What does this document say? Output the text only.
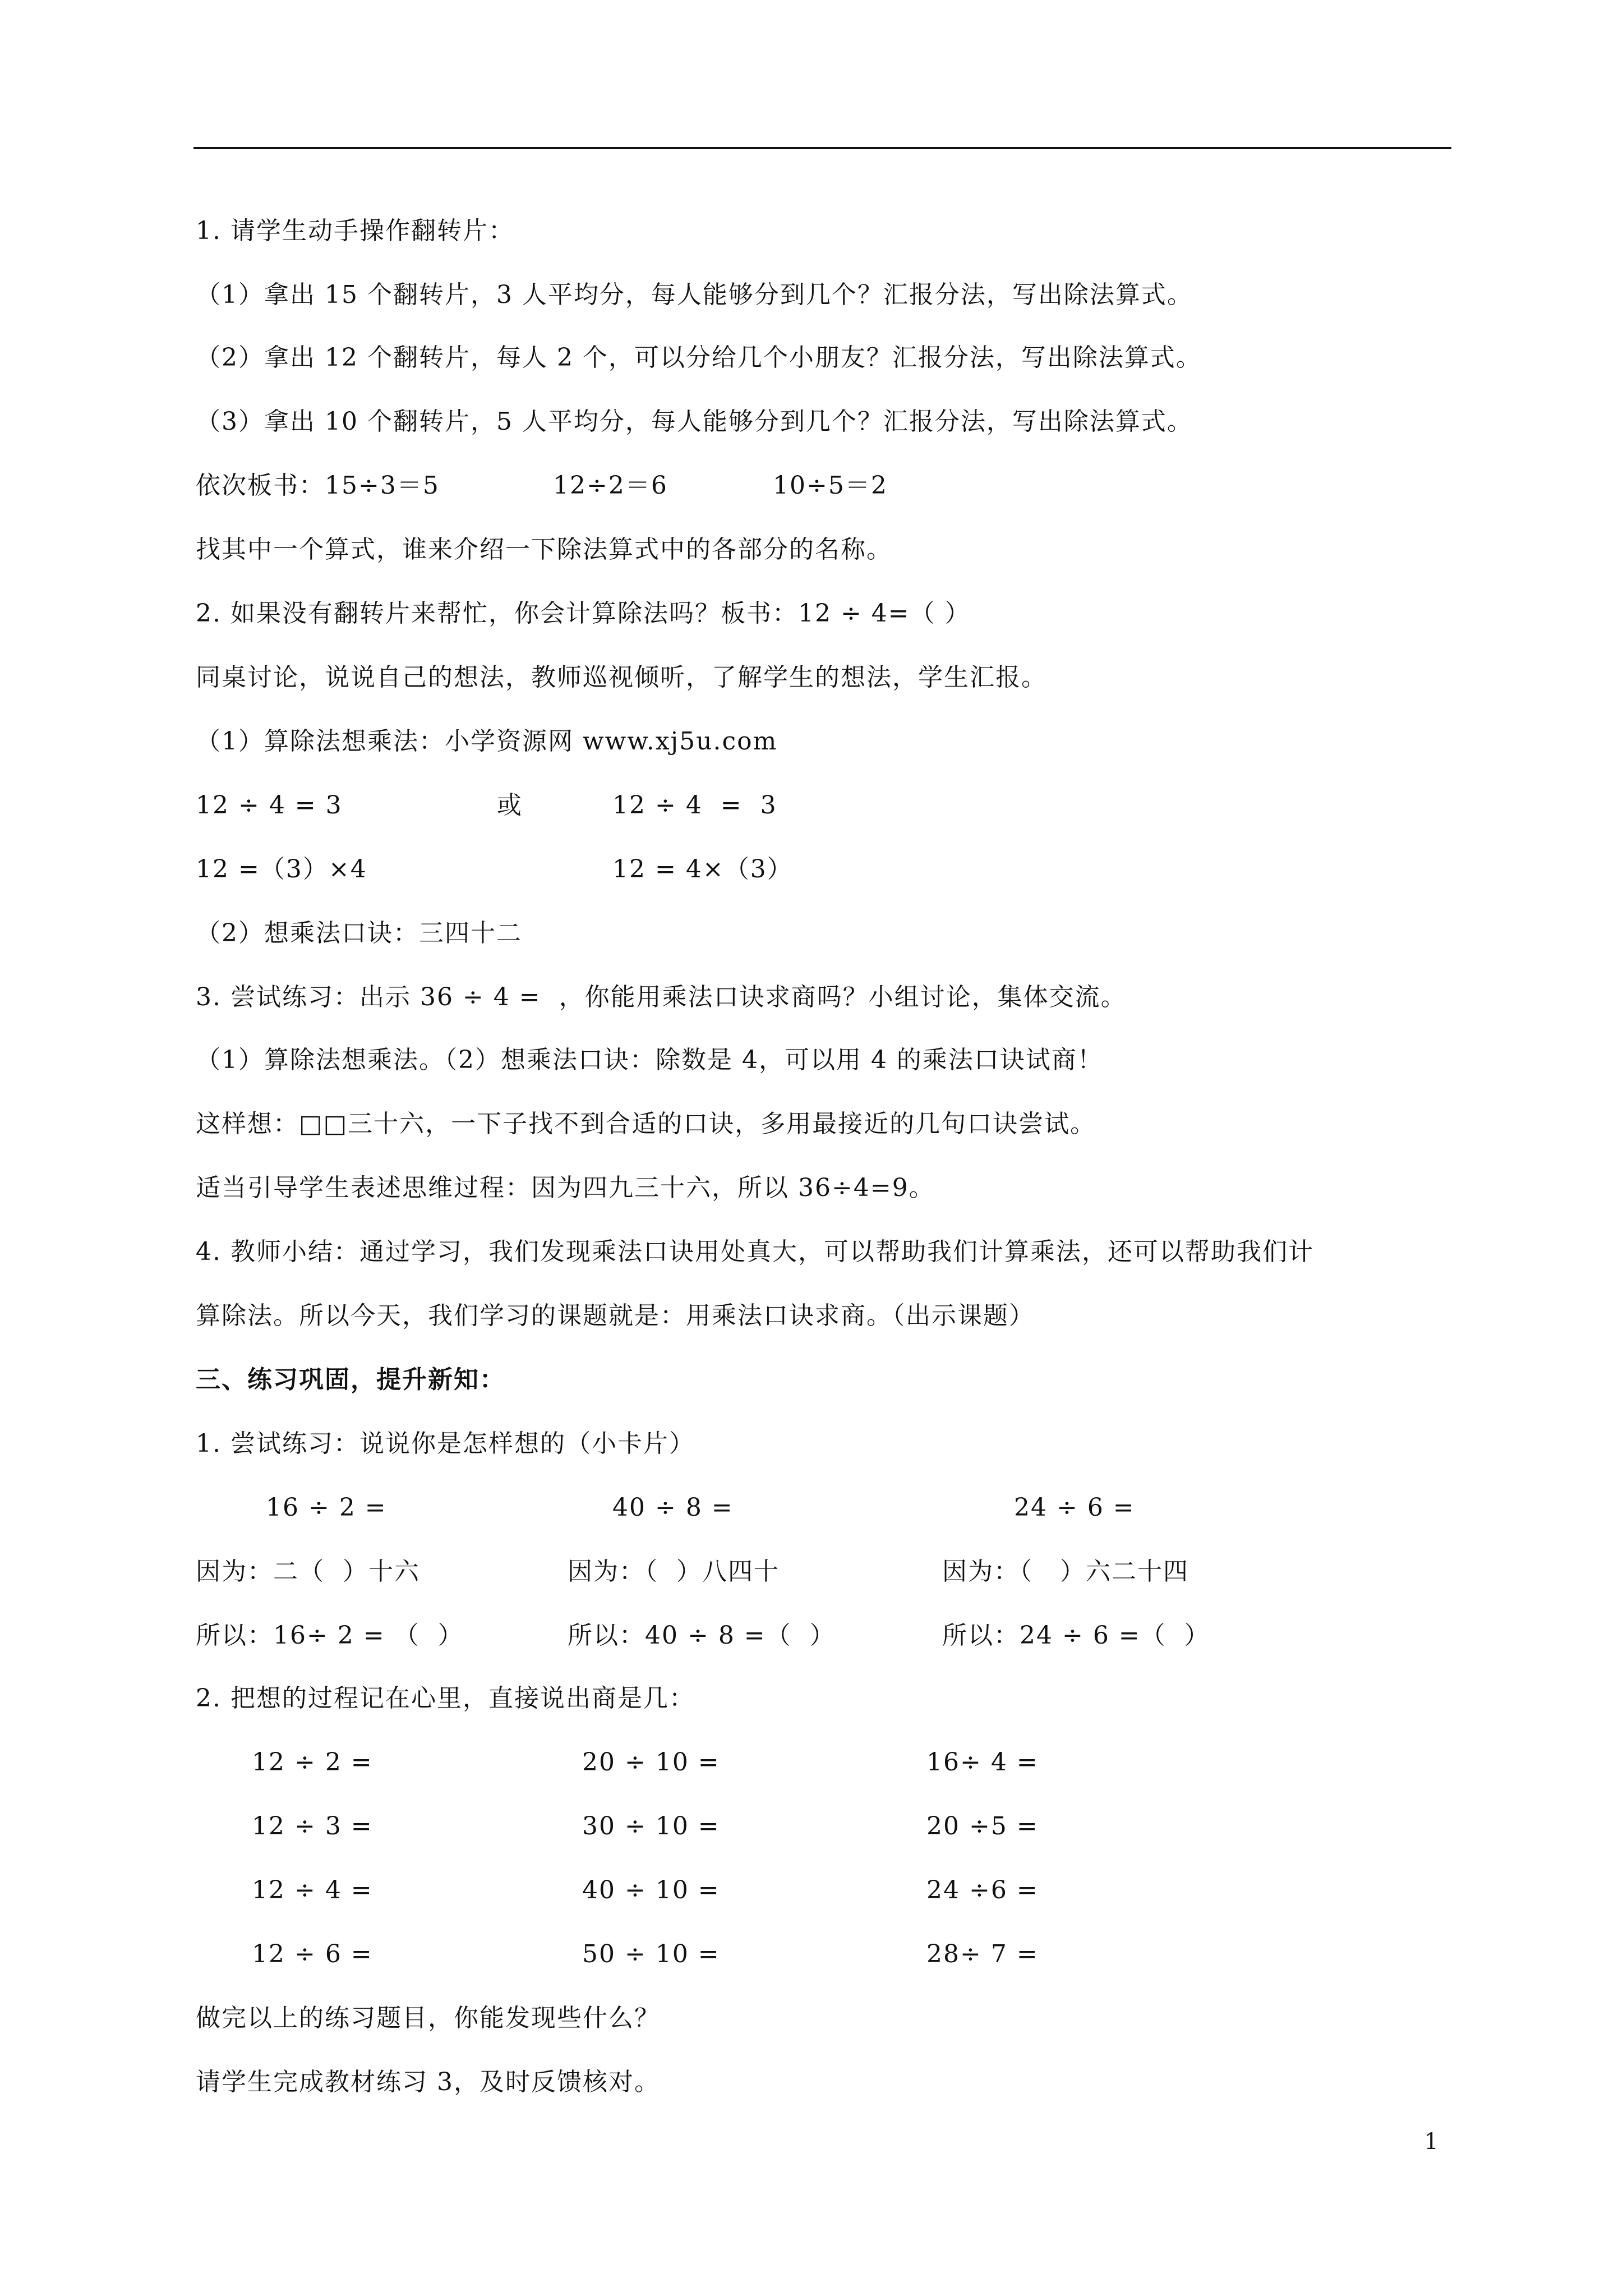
1. 请学生动手操作翻转片：
（1）拿出 15 个翻转片，3 人平均分，每人能够分到几个？汇报分法，写出除法算式。
（2）拿出 12 个翻转片，每人 2 个，可以分给几个小朋友？汇报分法，写出除法算式。
（3）拿出 10 个翻转片，5 人平均分，每人能够分到几个？汇报分法，写出除法算式。
依次板书：15÷3＝5	12÷2＝6	10÷5＝2
找其中一个算式，谁来介绍一下除法算式中的各部分的名称。
2. 如果没有翻转片来帮忙，你会计算除法吗？板书：12 ÷ 4=（ ）
同桌讨论，说说自己的想法，教师巡视倾听，了解学生的想法，学生汇报。
（1）算除法想乘法：小学资源网 www.xj5u.com
12 ÷ 4 = 3	或	12 ÷ 4  =  3
12 =（3）×4	12 = 4×（3）
（2）想乘法口诀：三四十二
3. 尝试练习：出示 36 ÷ 4 =  ，你能用乘法口诀求商吗？小组讨论，集体交流。
（1）算除法想乘法。（2）想乘法口诀：除数是 4，可以用 4 的乘法口诀试商！
这样想：□□三十六，一下子找不到合适的口诀，多用最接近的几句口诀尝试。
适当引导学生表述思维过程：因为四九三十六，所以 36÷4=9。
4. 教师小结：通过学习，我们发现乘法口诀用处真大，可以帮助我们计算乘法，还可以帮助我们计
算除法。所以今天，我们学习的课题就是：用乘法口诀求商。（出示课题）
三、练习巩固，提升新知：
1. 尝试练习：说说你是怎样想的（小卡片）
16 ÷ 2 =	40 ÷ 8 =	24 ÷ 6 =
因为：二（  ）十六	因为：（  ）八四十	因为：（   ）六二十四
所以：16÷ 2 = （  ）	所以：40 ÷ 8 =（  ）	所以：24 ÷ 6 =（  ）
2. 把想的过程记在心里，直接说出商是几：
12 ÷ 2 =	20 ÷ 10 =	16÷ 4 =
12 ÷ 3 =	30 ÷ 10 =	20 ÷5 =
12 ÷ 4 =	40 ÷ 10 =	24 ÷6 =
12 ÷ 6 =	50 ÷ 10 =	28÷ 7 =
做完以上的练习题目，你能发现些什么？
请学生完成教材练习 3，及时反馈核对。
1
